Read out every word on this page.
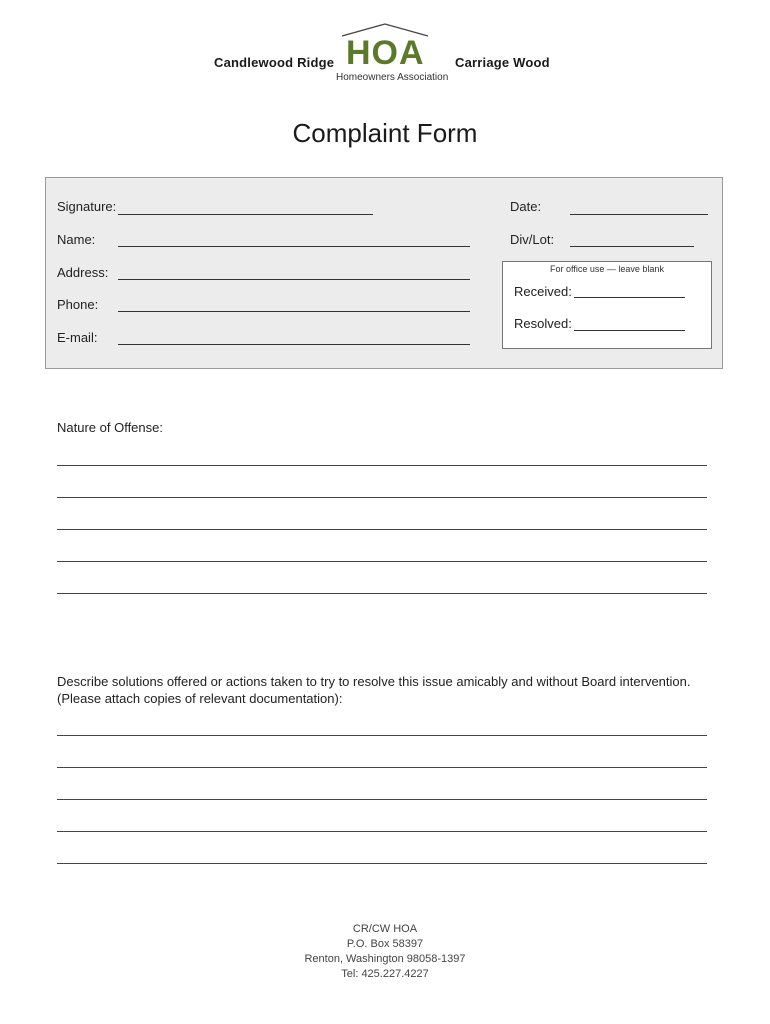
Candlewood Ridge HOA Carriage Wood
Homeowners Association
Complaint Form
Signature:	Date:
Name:	Div/Lot:
Address:
Phone:
E-mail:
For office use — leave blank
Received:
Resolved:
Nature of Offense:
Describe solutions offered or actions taken to try to resolve this issue amicably and without Board intervention.
(Please attach copies of relevant documentation):
CR/CW HOA
P.O. Box 58397
Renton, Washington 98058-1397
Tel: 425.227.4227
